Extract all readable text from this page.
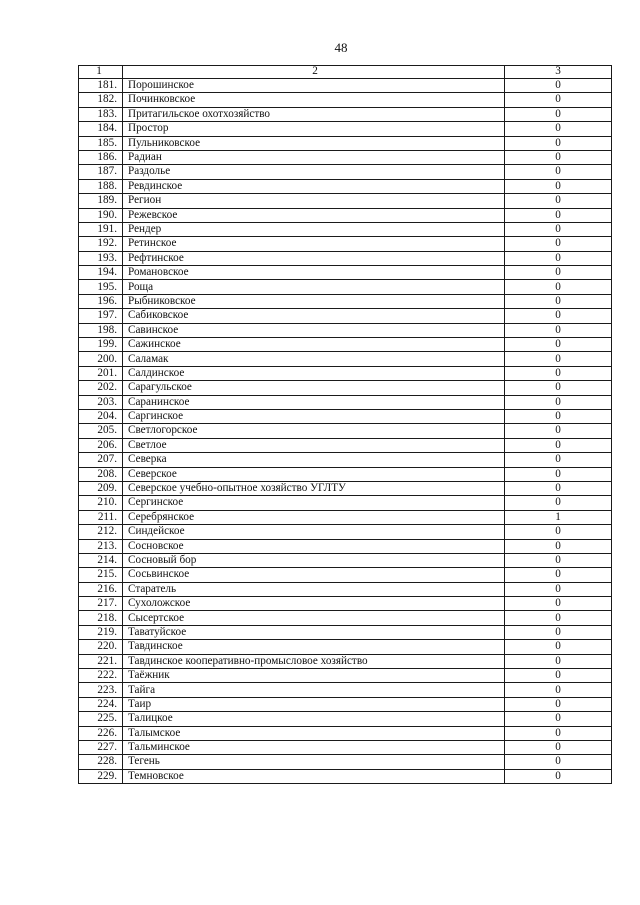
48
1	2	3
181.	Порошинское	0
182.	Починковское	0
183.	Притагильское охотхозяйство	0
184.	Простор	0
185.	Пульниковское	0
186.	Радиан	0
187.	Раздолье	0
188.	Ревдинское	0
189.	Регион	0
190.	Режевское	0
191.	Рендер	0
192.	Ретинское	0
193.	Рефтинское	0
194.	Романовское	0
195.	Роща	0
196.	Рыбниковское	0
197.	Сабиковское	0
198.	Савинское	0
199.	Сажинское	0
200.	Саламак	0
201.	Салдинское	0
202.	Сарагульское	0
203.	Саранинское	0
204.	Саргинское	0
205.	Светлогорское	0
206.	Светлое	0
207.	Северка	0
208.	Северское	0
209.	Северское учебно-опытное хозяйство УГЛТУ	0
210.	Сергинское	0
211.	Серебрянское	1
212.	Синдейское	0
213.	Сосновское	0
214.	Сосновый бор	0
215.	Сосьвинское	0
216.	Старатель	0
217.	Сухоложское	0
218.	Сысертское	0
219.	Таватуйское	0
220.	Тавдинское	0
221.	Тавдинское кооперативно-промысловое хозяйство	0
222.	Таёжник	0
223.	Тайга	0
224.	Таир	0
225.	Талицкое	0
226.	Талымское	0
227.	Тальминское	0
228.	Тегень	0
229.	Темновское	0
